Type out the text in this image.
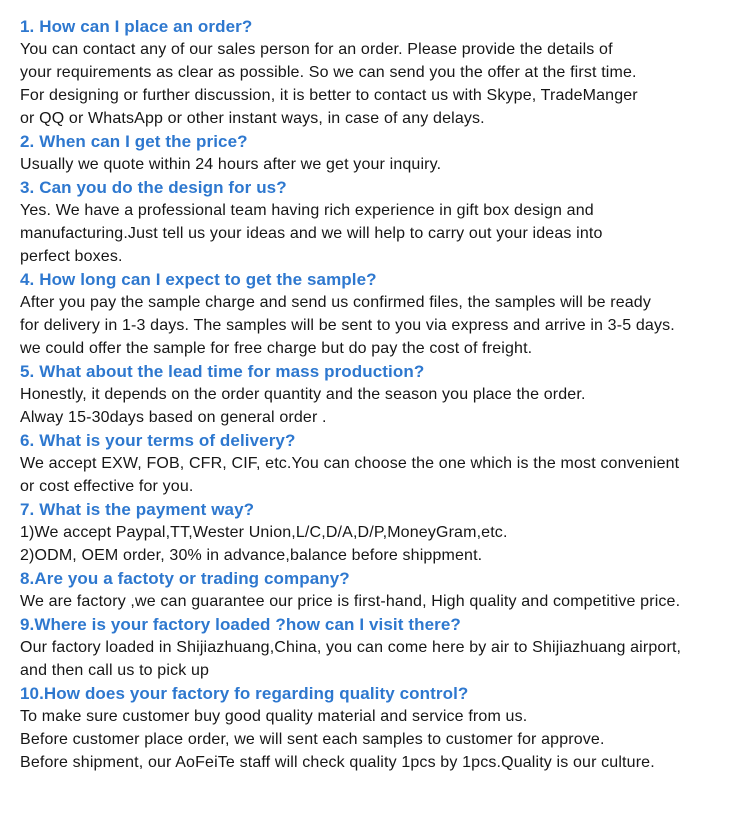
1. How can I place an order?
You can contact any of our sales person for an order. Please provide the details of
your requirements as clear as possible. So we can send you the offer at the first time.
For designing or further discussion, it is better to contact us with Skype, TradeManger
or QQ or WhatsApp or other instant ways, in case of any delays.
2. When can I get the price?
Usually we quote within 24 hours after we get your inquiry.
3. Can you do the design for us?
Yes. We have a professional team having rich experience in gift box design and
manufacturing.Just tell us your ideas and we will help to carry out your ideas into
perfect boxes.
4. How long can I expect to get the sample?
After you pay the sample charge and send us confirmed files, the samples will be ready
for delivery in 1-3 days. The samples will be sent to you via express and arrive in 3-5 days.
we could offer the sample for free charge but do pay the cost of freight.
5. What about the lead time for mass production?
Honestly, it depends on the order quantity and the season you place the order.
Alway 15-30days based on general order .
6. What is your terms of delivery?
We accept EXW, FOB, CFR, CIF, etc.You can choose the one which is the most convenient
or cost effective for you.
7. What is the payment way?
1)We accept Paypal,TT,Wester Union,L/C,D/A,D/P,MoneyGram,etc.
2)ODM, OEM order, 30% in advance,balance before shippment.
8.Are you a factoty or trading company?
We are factory ,we can guarantee our price is first-hand, High quality and competitive price.
9.Where is your factory loaded ?how can I visit there?
Our factory loaded in Shijiazhuang,China, you can come here by air to Shijiazhuang airport,
and then call us to pick up
10.How does your factory fo regarding quality control?
To make sure customer buy good quality material and service from us.
Before customer place order, we will sent each samples to customer for approve.
Before shipment, our AoFeiTe staff will check quality 1pcs by 1pcs.Quality is our culture.
